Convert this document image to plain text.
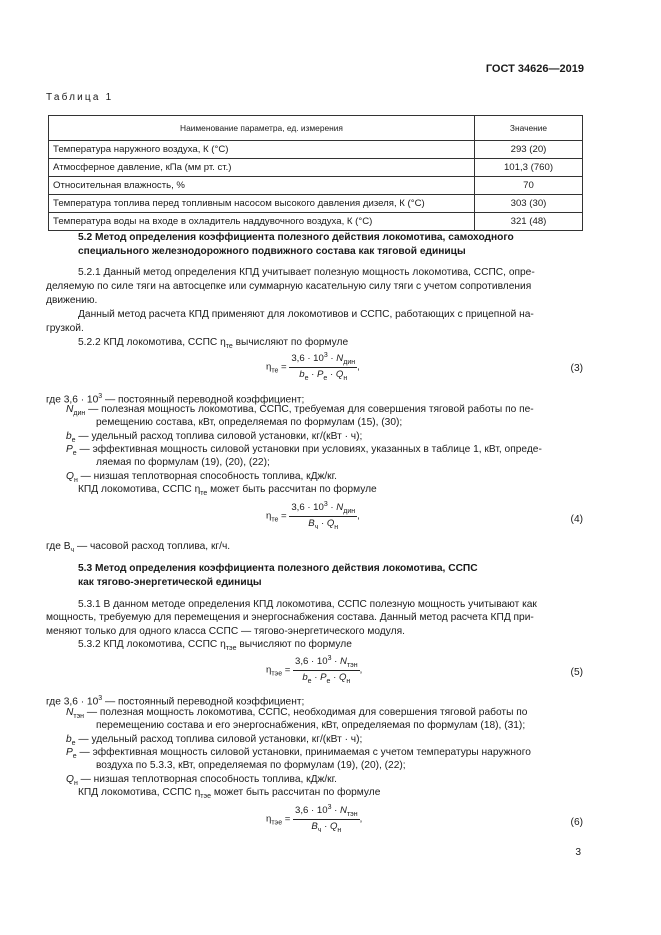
ГОСТ 34626—2019
Таблица 1
Наименование параметра, ед. измерения	Значение
Температура наружного воздуха, К (°С)	293 (20)
Атмосферное давление, кПа (мм рт. ст.)	101,3 (760)
Относительная влажность, %	70
Температура топлива перед топливным насосом высокого давления дизеля, К (°С)	303 (30)
Температура воды на входе в охладитель наддувочного воздуха, К (°С)	321 (48)
5.2 Метод определения коэффициента полезного действия локомотива, самоходного
специального железнодорожного подвижного состава как тяговой единицы
5.2.1 Данный метод определения КПД учитывает полезную мощность локомотива, ССПС, опре-
деляемую по силе тяги на автосцепке или суммарную касательную силу тяги с учетом сопротивления
движению.
Данный метод расчета КПД применяют для локомотивов и ССПС, работающих с прицепной на-
грузкой.
5.2.2 КПД локомотива, ССПС $\eta_{те}$ вычисляют по формуле
$\eta_{те} = \frac{3,6 \cdot 10^3 \cdot N_{дин}}{b_e \cdot P_e \cdot Q_н}$ ,	(3)
где $3,6 \cdot 10^3$ — постоянный переводной коэффициент;
$N_{дин}$ — полезная мощность локомотива, ССПС, требуемая для совершения тяговой работы по пе-
ремещению состава, кВт, определяемая по формулам (15), (30);
$b_e$ — удельный расход топлива силовой установки, кг/(кВт · ч);
$P_e$ — эффективная мощность силовой установки при условиях, указанных в таблице 1, кВт, опреде-
ляемая по формулам (19), (20), (22);
$Q_н$ — низшая теплотворная способность топлива, кДж/кг.
КПД локомотива, ССПС $\eta_{те}$ может быть рассчитан по формуле
$\eta_{те} = \frac{3,6 \cdot 10^3 \cdot N_{дин}}{B_ч \cdot Q_н}$ ,	(4)
где $B_ч$ — часовой расход топлива, кг/ч.
5.3 Метод определения коэффициента полезного действия локомотива, ССПС
как тягово-энергетической единицы
5.3.1 В данном методе определения КПД локомотива, ССПС полезную мощность учитывают как
мощность, требуемую для перемещения и энергоснабжения состава. Данный метод расчета КПД при-
меняют только для одного класса ССПС — тягово-энергетического модуля.
5.3.2 КПД локомотива, ССПС $\eta_{тэе}$ вычисляют по формуле
$\eta_{тэе} = \frac{3,6 \cdot 10^3 \cdot N_{тэн}}{b_e \cdot P_e \cdot Q_н}$ ,	(5)
где $3,6 \cdot 10^3$ — постоянный переводной коэффициент;
$N_{тэн}$ — полезная мощность локомотива, ССПС, необходимая для совершения тяговой работы по
перемещению состава и его энергоснабжения, кВт, определяемая по формулам (18), (31);
$b_e$ — удельный расход топлива силовой установки, кг/(кВт · ч);
$P_e$ — эффективная мощность силовой установки, принимаемая с учетом температуры наружного
воздуха по 5.3.3, кВт, определяемая по формулам (19), (20), (22);
$Q_н$ — низшая теплотворная способность топлива, кДж/кг.
КПД локомотива, ССПС $\eta_{тэе}$ может быть рассчитан по формуле
$\eta_{тэе} = \frac{3,6 \cdot 10^3 \cdot N_{тэн}}{B_ч \cdot Q_н}$ ,	(6)
3
